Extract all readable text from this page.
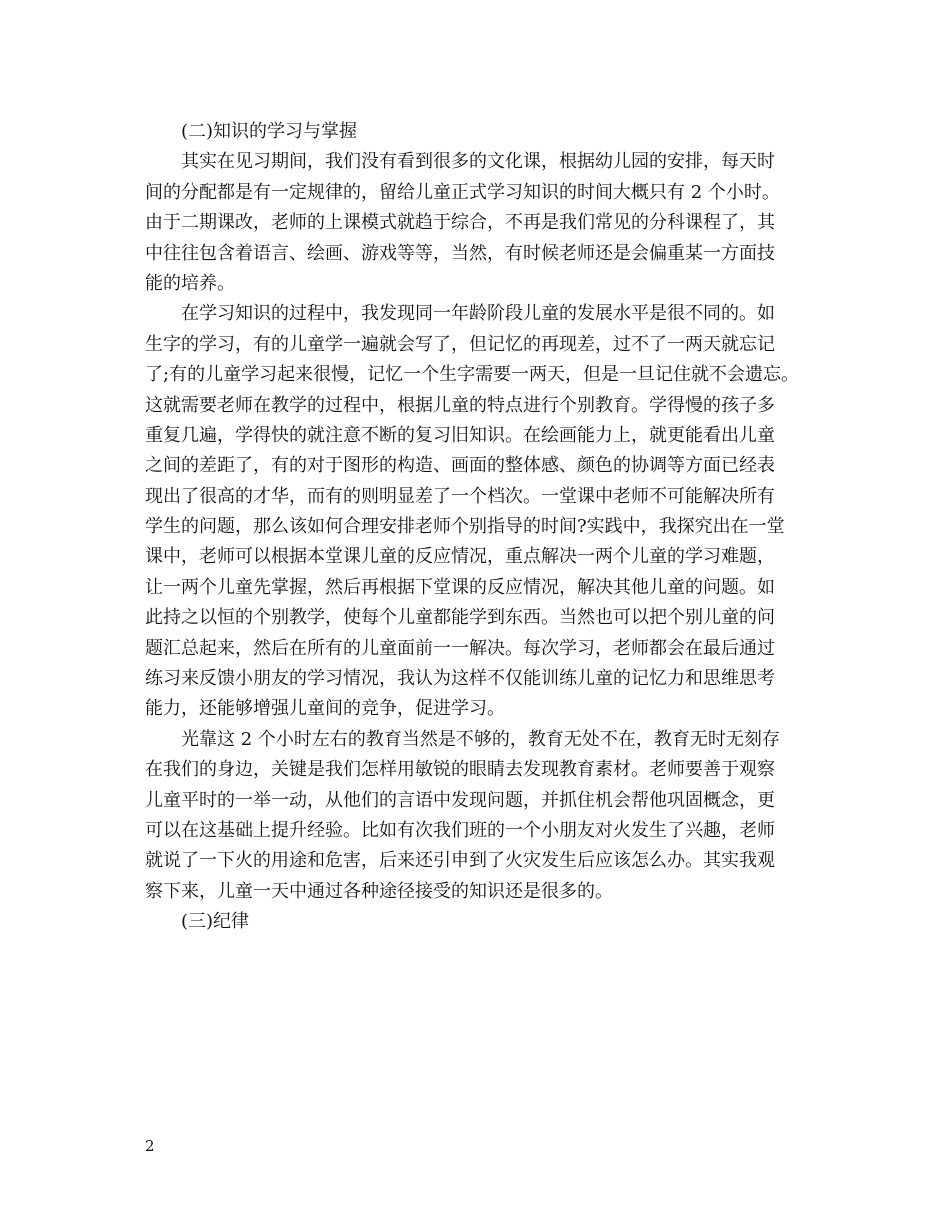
(二)知识的学习与掌握
其实在见习期间，我们没有看到很多的文化课，根据幼儿园的安排，每天时
间的分配都是有一定规律的，留给儿童正式学习知识的时间大概只有 2 个小时。
由于二期课改，老师的上课模式就趋于综合，不再是我们常见的分科课程了，其
中往往包含着语言、绘画、游戏等等，当然，有时候老师还是会偏重某一方面技
能的培养。
在学习知识的过程中，我发现同一年龄阶段儿童的发展水平是很不同的。如
生字的学习，有的儿童学一遍就会写了，但记忆的再现差，过不了一两天就忘记
了;有的儿童学习起来很慢，记忆一个生字需要一两天，但是一旦记住就不会遗忘。
这就需要老师在教学的过程中，根据儿童的特点进行个别教育。学得慢的孩子多
重复几遍，学得快的就注意不断的复习旧知识。在绘画能力上，就更能看出儿童
之间的差距了，有的对于图形的构造、画面的整体感、颜色的协调等方面已经表
现出了很高的才华，而有的则明显差了一个档次。一堂课中老师不可能解决所有
学生的问题，那么该如何合理安排老师个别指导的时间?实践中，我探究出在一堂
课中，老师可以根据本堂课儿童的反应情况，重点解决一两个儿童的学习难题，
让一两个儿童先掌握，然后再根据下堂课的反应情况，解决其他儿童的问题。如
此持之以恒的个别教学，使每个儿童都能学到东西。当然也可以把个别儿童的问
题汇总起来，然后在所有的儿童面前一一解决。每次学习，老师都会在最后通过
练习来反馈小朋友的学习情况，我认为这样不仅能训练儿童的记忆力和思维思考
能力，还能够增强儿童间的竞争，促进学习。
光靠这 2 个小时左右的教育当然是不够的，教育无处不在，教育无时无刻存
在我们的身边，关键是我们怎样用敏锐的眼睛去发现教育素材。老师要善于观察
儿童平时的一举一动，从他们的言语中发现问题，并抓住机会帮他巩固概念，更
可以在这基础上提升经验。比如有次我们班的一个小朋友对火发生了兴趣，老师
就说了一下火的用途和危害，后来还引申到了火灾发生后应该怎么办。其实我观
察下来，儿童一天中通过各种途径接受的知识还是很多的。
(三)纪律
2
